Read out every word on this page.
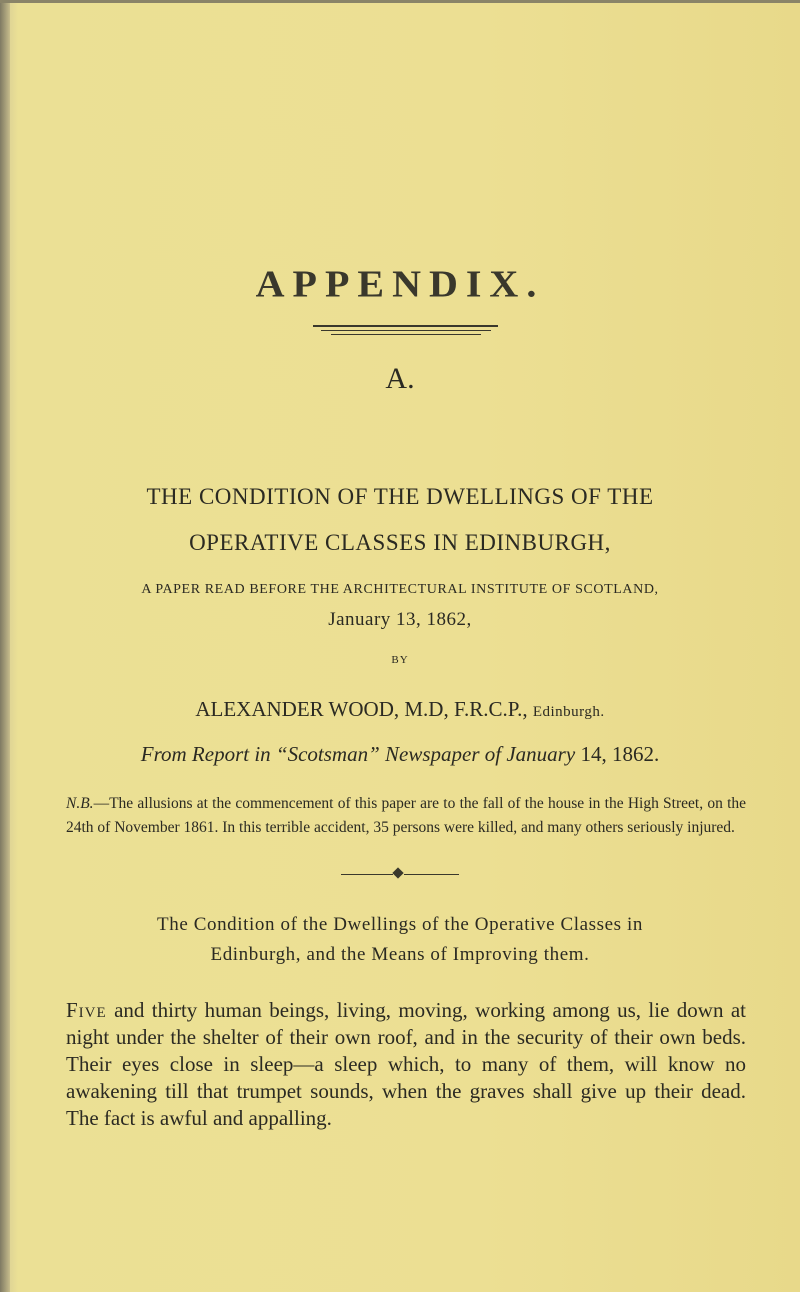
APPENDIX.
A.
THE CONDITION OF THE DWELLINGS OF THE
OPERATIVE CLASSES IN EDINBURGH,
A PAPER READ BEFORE THE ARCHITECTURAL INSTITUTE OF SCOTLAND,
January 13, 1862,
BY
ALEXANDER WOOD, M.D, F.R.C.P., Edinburgh.
From Report in “Scotsman” Newspaper of January 14, 1862.
N.B.—The allusions at the commencement of this paper are to the fall of the house in the High Street, on the 24th of November 1861. In this terrible accident, 35 persons were killed, and many others seriously injured.
The Condition of the Dwellings of the Operative Classes in
Edinburgh, and the Means of Improving them.
Five and thirty human beings, living, moving, working among us, lie down at night under the shelter of their own roof, and in the security of their own beds. Their eyes close in sleep—a sleep which, to many of them, will know no awakening till that trumpet sounds, when the graves shall give up their dead. The fact is awful and appalling.
